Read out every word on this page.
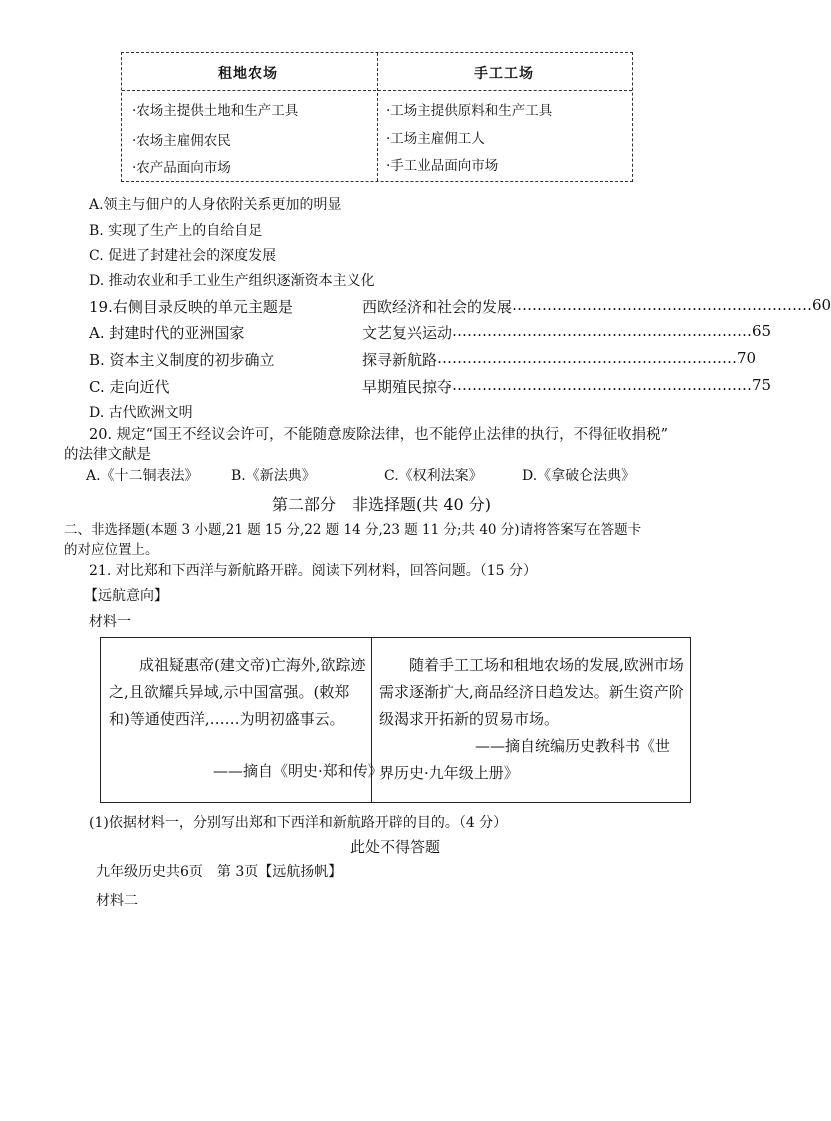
租地农场	手工工场
·农场主提供土地和生产工具
·农场主雇佣农民
·农产品面向市场
·工场主提供原料和生产工具
·工场主雇佣工人
·手工业品面向市场
A.领主与佃户的人身依附关系更加的明显
B. 实现了生产上的自给自足
C. 促进了封建社会的深度发展
D. 推动农业和手工业生产组织逐渐资本主义化
19.右侧目录反映的单元主题是
A. 封建时代的亚洲国家
B. 资本主义制度的初步确立
C. 走向近代
D. 古代欧洲文明
西欧经济和社会的发展 …………………………………………………… 60
文艺复兴运动 …………………………………………………… 65
探寻新航路 …………………………………………………… 70
早期殖民掠夺 …………………………………………………… 75
20. 规定“国王不经议会许可，不能随意废除法律，也不能停止法律的执行，不得征收捐税”
的法律文献是
A.《十二铜表法》 B.《新法典》	C.《权利法案》	D.《拿破仑法典》
第二部分　非选择题(共 40 分)
二、非选择题(本题 3 小题,21 题 15 分,22 题 14 分,23 题 11 分;共 40 分)请将答案写在答题卡
的对应位置上。
21. 对比郑和下西洋与新航路开辟。阅读下列材料，回答问题。（15 分）
【远航意向】
材料一
成祖疑惠帝(建文帝)亡海外,欲踪迹之,且欲耀兵异域,示中国富强。(敕郑和)等通使西洋,……为明初盛事云。
——摘自《明史·郑和传》
随着手工工场和租地农场的发展,欧洲市场需求逐渐扩大,商品经济日趋发达。新生资产阶级渴求开拓新的贸易市场。
——摘自统编历史教科书《世界历史·九年级上册》
(1)依据材料一，分别写出郑和下西洋和新航路开辟的目的。（4 分）
此处不得答题
九年级历史共6页　第 3页【远航扬帆】
材料二
